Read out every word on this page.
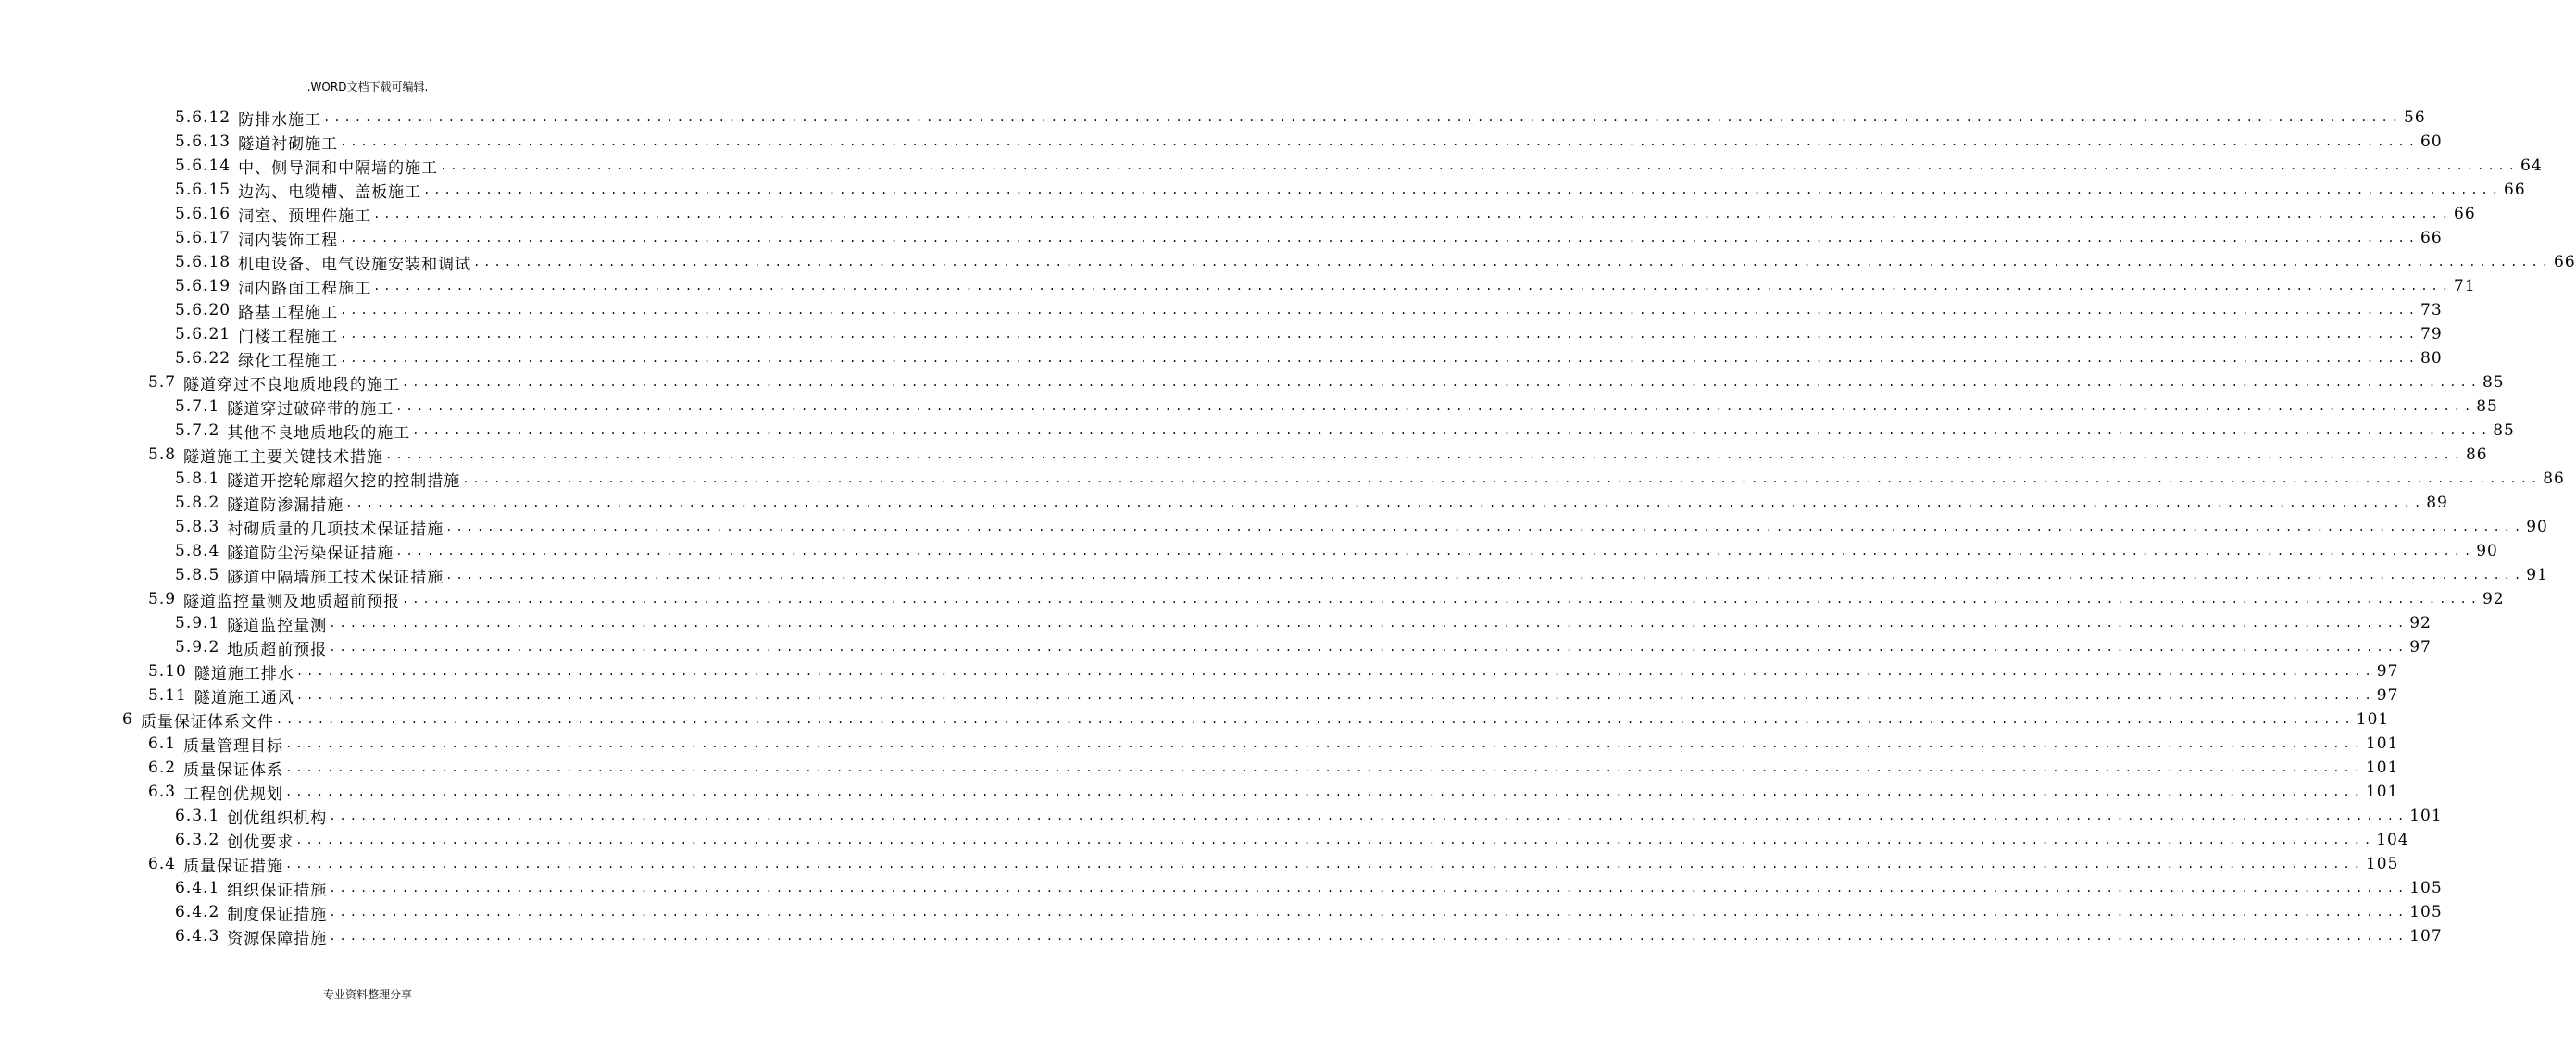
.WORD文档下载可编辑.
5.6.12 防排水施工 ........................................................................................................................................................................................................ 56
5.6.13 隧道衬砌施工 ........................................................................................................................................................................................................ 60
5.6.14 中、侧导洞和中隔墙的施工 ........................................................................................................................................................................................................ 64
5.6.15 边沟、电缆槽、盖板施工 ........................................................................................................................................................................................................ 66
5.6.16 洞室、预埋件施工 ........................................................................................................................................................................................................ 66
5.6.17 洞内装饰工程 ........................................................................................................................................................................................................ 66
5.6.18 机电设备、电气设施安装和调试 ........................................................................................................................................................................................................ 66
5.6.19 洞内路面工程施工 ........................................................................................................................................................................................................ 71
5.6.20 路基工程施工 ........................................................................................................................................................................................................ 73
5.6.21 门楼工程施工 ........................................................................................................................................................................................................ 79
5.6.22 绿化工程施工 ........................................................................................................................................................................................................ 80
5.7 隧道穿过不良地质地段的施工 ........................................................................................................................................................................................................ 85
5.7.1 隧道穿过破碎带的施工 ........................................................................................................................................................................................................ 85
5.7.2 其他不良地质地段的施工 ........................................................................................................................................................................................................ 85
5.8 隧道施工主要关键技术措施 ........................................................................................................................................................................................................ 86
5.8.1 隧道开挖轮廓超欠挖的控制措施 ........................................................................................................................................................................................................ 86
5.8.2 隧道防渗漏措施 ........................................................................................................................................................................................................ 89
5.8.3 衬砌质量的几项技术保证措施 ........................................................................................................................................................................................................ 90
5.8.4 隧道防尘污染保证措施 ........................................................................................................................................................................................................ 90
5.8.5 隧道中隔墙施工技术保证措施 ........................................................................................................................................................................................................ 91
5.9 隧道监控量测及地质超前预报 ........................................................................................................................................................................................................ 92
5.9.1 隧道监控量测 ........................................................................................................................................................................................................ 92
5.9.2 地质超前预报 ........................................................................................................................................................................................................ 97
5.10 隧道施工排水 ........................................................................................................................................................................................................ 97
5.11 隧道施工通风 ........................................................................................................................................................................................................ 97
6 质量保证体系文件 ........................................................................................................................................................................................................ 101
6.1 质量管理目标 ........................................................................................................................................................................................................ 101
6.2 质量保证体系 ........................................................................................................................................................................................................ 101
6.3 工程创优规划 ........................................................................................................................................................................................................ 101
6.3.1 创优组织机构 ........................................................................................................................................................................................................ 101
6.3.2 创优要求 ........................................................................................................................................................................................................ 104
6.4 质量保证措施 ........................................................................................................................................................................................................ 105
6.4.1 组织保证措施 ........................................................................................................................................................................................................ 105
6.4.2 制度保证措施 ........................................................................................................................................................................................................ 105
6.4.3 资源保障措施 ........................................................................................................................................................................................................ 107
专业资料整理分享
